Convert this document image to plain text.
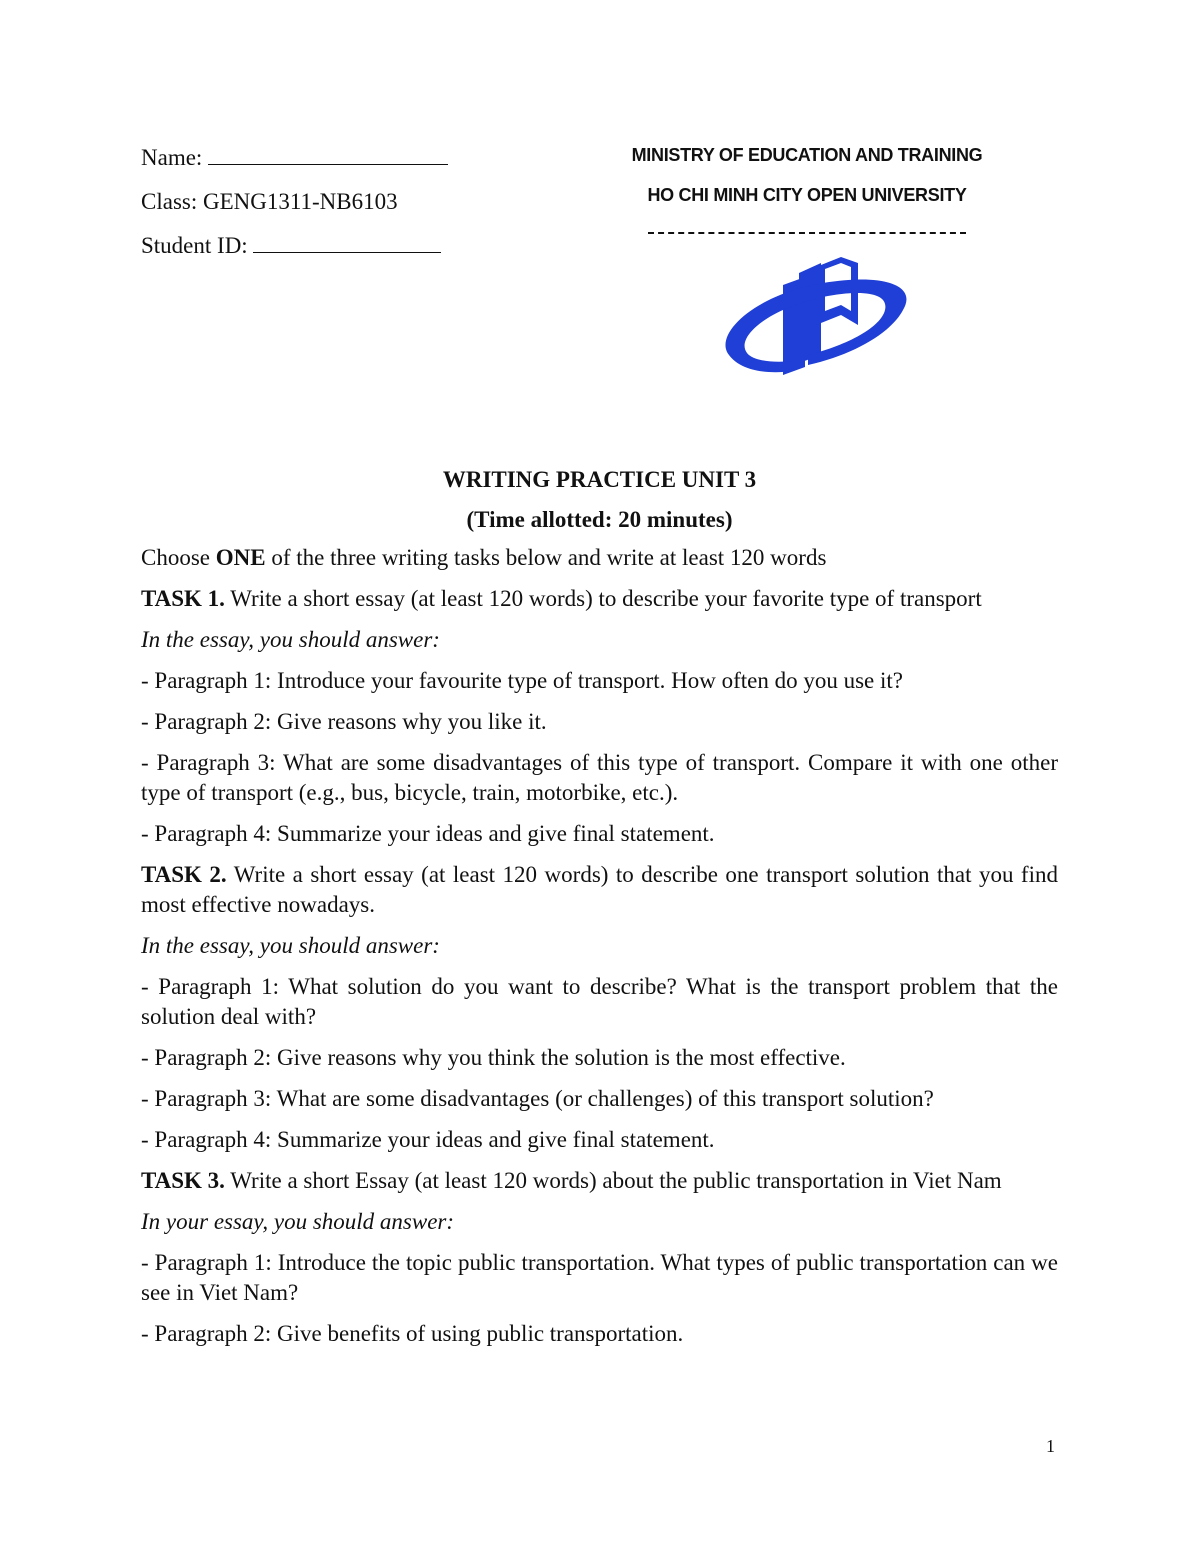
Name:
Class: GENG1311-NB6103
Student ID:
MINISTRY OF EDUCATION AND TRAINING
HO CHI MINH CITY OPEN UNIVERSITY
WRITING PRACTICE UNIT 3
(Time allotted: 20 minutes)

Choose ONE of the three writing tasks below and write at least 120 words

TASK 1. Write a short essay (at least 120 words) to describe your favorite type of transport

In the essay, you should answer:

- Paragraph 1: Introduce your favourite type of transport. How often do you use it?

- Paragraph 2: Give reasons why you like it.

- Paragraph 3: What are some disadvantages of this type of transport. Compare it with one other type of transport (e.g., bus, bicycle, train, motorbike, etc.).

- Paragraph 4: Summarize your ideas and give final statement.

TASK 2. Write a short essay (at least 120 words) to describe one transport solution that you find most effective nowadays.

In the essay, you should answer:

- Paragraph 1: What solution do you want to describe? What is the transport problem that the solution deal with?

- Paragraph 2: Give reasons why you think the solution is the most effective.

- Paragraph 3: What are some disadvantages (or challenges) of this transport solution?

- Paragraph 4: Summarize your ideas and give final statement.

TASK 3. Write a short Essay (at least 120 words) about the public transportation in Viet Nam

In your essay, you should answer:

- Paragraph 1: Introduce the topic public transportation. What types of public transportation can we see in Viet Nam?

- Paragraph 2: Give benefits of using public transportation.

1
